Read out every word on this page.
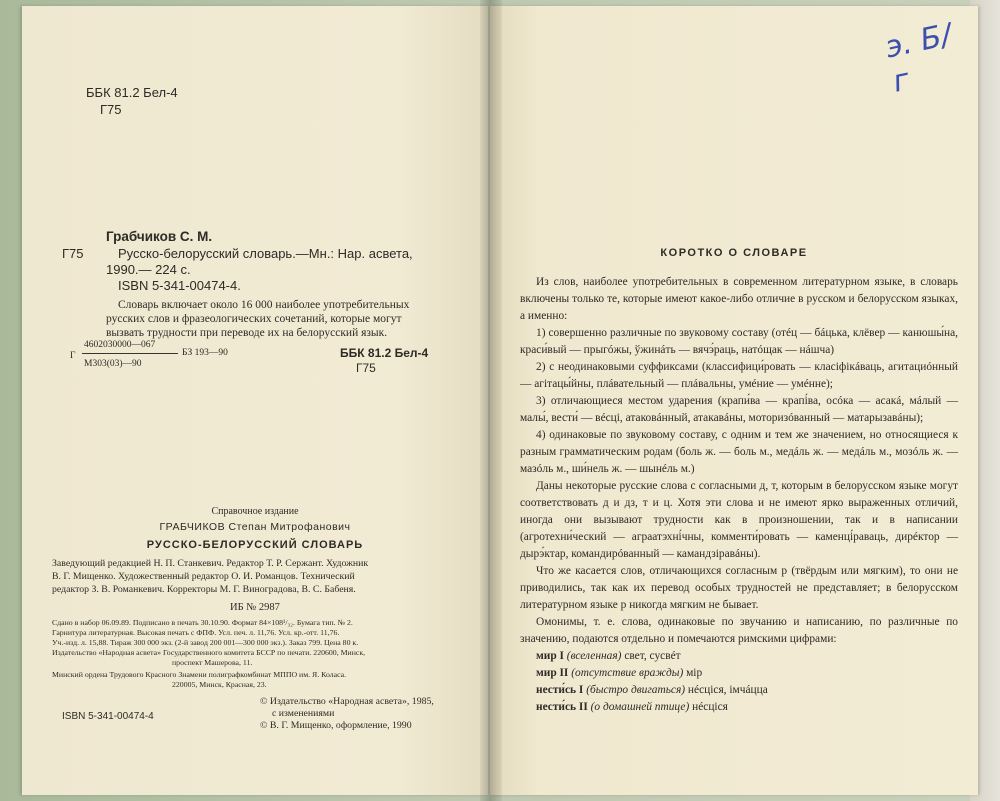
ББК 81.2 Бел-4
Г75
Грабчиков С. М.
Г75	Русско-белорусский словарь.—Мн.: Нар. асвета,
1990.— 224 с.
ISBN 5-341-00474-4.
Словарь включает около 16 000 наиболее употребительных
русских слов и фразеологических сочетаний, которые могут
вызвать трудности при переводе их на белорусский язык.
Г
4602030000—067
БЗ 193—90
М303(03)—90
ББК 81.2 Бел-4
Г75
Справочное издание
ГРАБЧИКОВ Степан Митрофанович
РУССКО-БЕЛОРУССКИЙ СЛОВАРЬ
Заведующий редакцией Н. П. Станкевич. Редактор Т. Р. Сержант. Художник
В. Г. Мищенко. Художественный редактор О. И. Романцов. Технический
редактор З. В. Романкевич. Корректоры М. Г. Виноградова, В. С. Бабеня.
ИБ № 2987
Сдано в набор 06.09.89. Подписано в печать 30.10.90. Формат 84×108¹/₃₂. Бумага тип. № 2.
Гарнитура литературная. Высокая печать с ФПФ. Усл. печ. л. 11,76. Усл. кр.-отт. 11,76.
Уч.-изд. л. 15,88. Тираж 300 000 экз. (2-й завод 200 001—300 000 экз.). Заказ 799. Цена 80 к.
Издательство «Народная асвета» Государственного комитета БССР по печати. 220600, Минск,
проспект Машерова, 11.
Минский ордена Трудового Красного Знамени полиграфкомбинат МППО им. Я. Коласа.
220005, Минск, Красная, 23.
ISBN 5-341-00474-4
© Издательство «Народная асвета», 1985,
с изменениями
© В. Г. Мищенко, оформление, 1990
КОРОТКО О СЛОВАРЕ

Из слов, наиболее употребительных в современном литературном языке, в словарь включены только те, которые имеют какое-либо отличие в русском и белорусском языках, а именно:

1) совершенно различные по звуковому составу (отéц — бáцька, клёвер — канюшы́на, краси́вый — прыгóжы, ўжинáть — вячэ́раць, натóщак — нáшча)

2) с неодинаковыми суффиксами (классифици́ровать — класіфікáваць, агитациóнный — агітацы́йны, плáвательный — плáвальны, умéние — умéнне);

3) отличающиеся местом ударения (крапи́ва — крапі́ва, осóка — асакá, мáлый — малы́, вести́ — вéсці, атаковáнный, атакавáны, моторизóванный — матарызавáны);

4) одинаковые по звуковому составу, с одним и тем же значением, но относящиеся к разным грамматическим родам (боль ж. — боль м., медáль ж. — медáль м., мозóль ж. — мазóль м., ши́нель ж. — шынéль м.)

Даны некоторые русские слова с согласными д, т, которым в белорусском языке могут соответствовать д и дз, т и ц. Хотя эти слова и не имеют ярко выраженных отличий, иногда они вызывают трудности как в произношении, так и в написании (агротехни́ческий — аграатэхні́чны, комменти́ровать — каменці́раваць, дирéктор — дырэ́ктар, командирóванный — камандзіравáны).

Что же касается слов, отличающихся согласным р (твёрдым или мягким), то они не приводились, так как их перевод особых трудностей не представляет; в белорусском литературном языке р никогда мягким не бывает.

Омонимы, т. е. слова, одинаковые по звучанию и написанию, по различные по значению, подаются отдельно и помечаются римскими цифрами:

мир I (вселенная) свет, сусвéт
мир II (отсутствие вражды) мір
нести́сь I (быстро двигаться) нéсціся, імчáцца
нести́сь II (о домашней птице) нéсціся
э. Б/г
